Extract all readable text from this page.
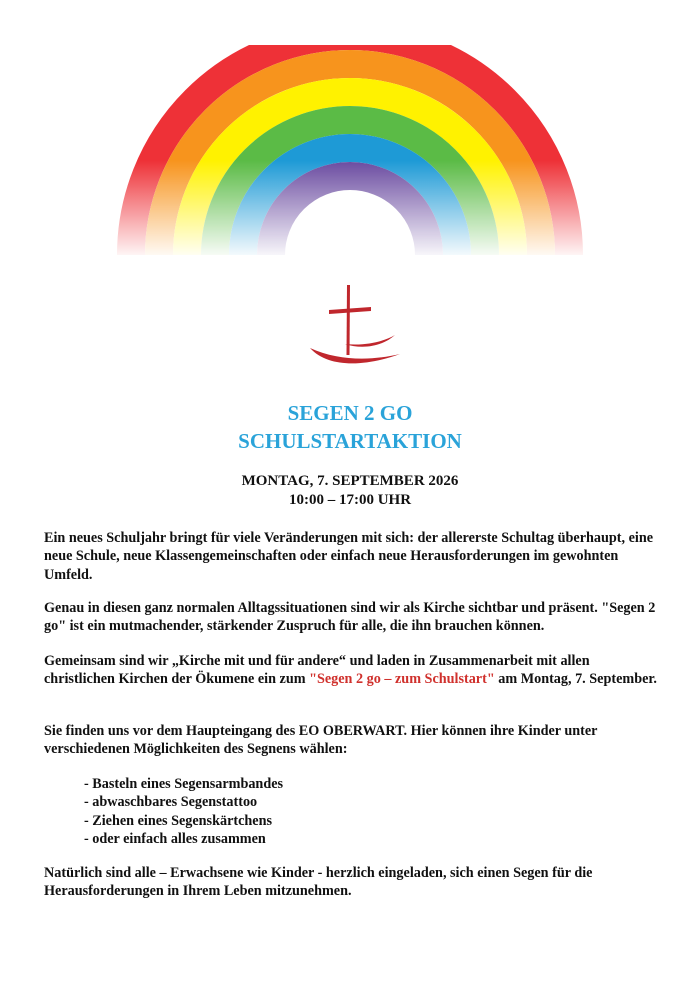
SEGEN 2 GO
SCHULSTARTAKTION
MONTAG, 7. SEPTEMBER 2026
10:00 – 17:00 UHR

Ein neues Schuljahr bringt für viele Veränderungen mit sich: der allererste Schultag überhaupt, eine neue Schule, neue Klassengemeinschaften oder einfach neue Herausforderungen im gewohnten Umfeld.

Genau in diesen ganz normalen Alltagssituationen sind wir als Kirche sichtbar und präsent. "Segen 2 go" ist ein mutmachender, stärkender Zuspruch für alle, die ihn brauchen können.

Gemeinsam sind wir „Kirche mit und für andere“ und laden in Zusammenarbeit mit allen christlichen Kirchen der Ökumene ein zum "Segen 2 go – zum Schulstart" am Montag, 7. September.

Sie finden uns vor dem Haupteingang des EO OBERWART. Hier können ihre Kinder unter verschiedenen Möglichkeiten des Segnens wählen:

- Basteln eines Segensarmbandes
- abwaschbares Segenstattoo
- Ziehen eines Segenskärtchens
- oder einfach alles zusammen

Natürlich sind alle – Erwachsene wie Kinder - herzlich eingeladen, sich einen Segen für die Herausforderungen in Ihrem Leben mitzunehmen.
